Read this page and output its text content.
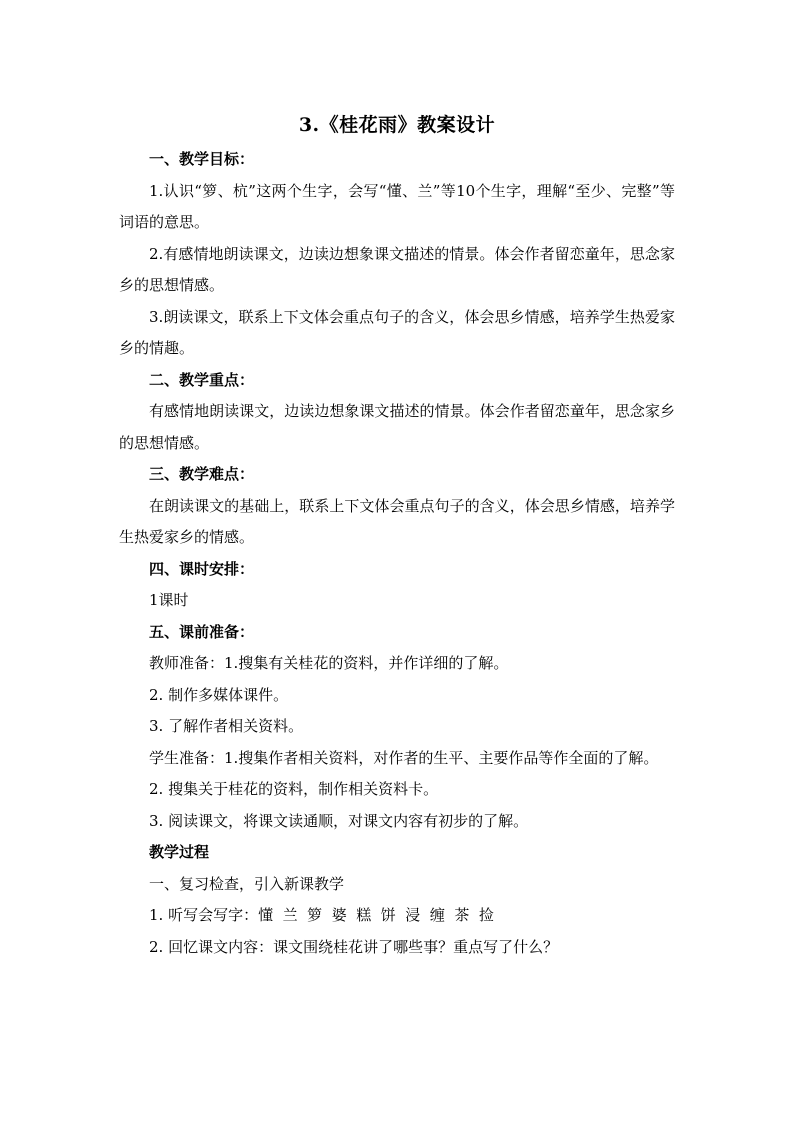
3.《桂花雨》教案设计

一、教学目标：

1.认识“箩、杭”这两个生字，会写“懂、兰”等10个生字，理解“至少、完整”等词语的意思。

2.有感情地朗读课文，边读边想象课文描述的情景。体会作者留恋童年，思念家乡的思想情感。

3.朗读课文，联系上下文体会重点句子的含义，体会思乡情感，培养学生热爱家乡的情趣。

二、教学重点：

有感情地朗读课文，边读边想象课文描述的情景。体会作者留恋童年，思念家乡的思想情感。

三、教学难点：

在朗读课文的基础上，联系上下文体会重点句子的含义，体会思乡情感，培养学生热爱家乡的情感。

四、课时安排：

1课时

五、课前准备：

教师准备：1.搜集有关桂花的资料，并作详细的了解。

2. 制作多媒体课件。

3. 了解作者相关资料。

学生准备：1.搜集作者相关资料，对作者的生平、主要作品等作全面的了解。

2. 搜集关于桂花的资料，制作相关资料卡。

3. 阅读课文，将课文读通顺，对课文内容有初步的了解。

教学过程

一、复习检查，引入新课教学

1. 听写会写字：懂  兰  箩  婆  糕  饼  浸  缠  茶  捡

2. 回忆课文内容：课文围绕桂花讲了哪些事？重点写了什么？
